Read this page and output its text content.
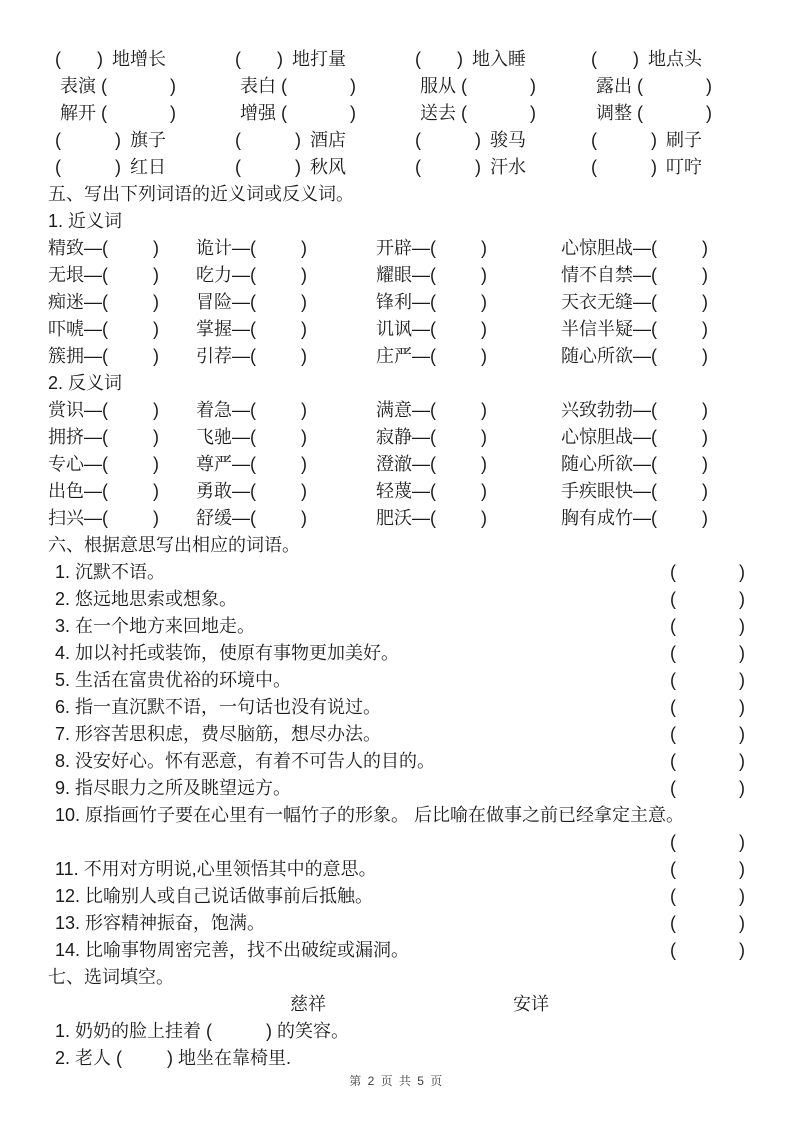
(  ) 地增长	(  ) 地打量	(  ) 地入睡	(  ) 地点头
表演 (    )	表白 (    )	服从 (    )	露出 (    )
解开 (    )	增强 (    )	送去 (    )	调整 (    )
(   ) 旗子	(   ) 酒店	(   ) 骏马	(   ) 刷子
(   ) 红日	(   ) 秋风	(   ) 汗水	(   ) 叮咛
五、写出下列词语的近义词或反义词。
1. 近义词
精致—(   )	诡计—(   )	开辟—(   )	心惊胆战—(   )
无垠—(   )	吃力—(   )	耀眼—(   )	情不自禁—(   )
痴迷—(   )	冒险—(   )	锋利—(   )	天衣无缝—(   )
吓唬—(   )	掌握—(   )	讥讽—(   )	半信半疑—(   )
簇拥—(   )	引荐—(   )	庄严—(   )	随心所欲—(   )
2. 反义词
赏识—(   )	着急—(   )	满意—(   )	兴致勃勃—(   )
拥挤—(   )	飞驰—(   )	寂静—(   )	心惊胆战—(   )
专心—(   )	尊严—(   )	澄澈—(   )	随心所欲—(   )
出色—(   )	勇敢—(   )	轻蔑—(   )	手疾眼快—(   )
扫兴—(   )	舒缓—(   )	肥沃—(   )	胸有成竹—(   )
六、根据意思写出相应的词语。
1. 沉默不语。	(    )
2. 悠远地思索或想象。	(    )
3. 在一个地方来回地走。	(    )
4. 加以衬托或装饰，使原有事物更加美好。	(    )
5. 生活在富贵优裕的环境中。	(    )
6. 指一直沉默不语，一句话也没有说过。	(    )
7. 形容苦思积虑，费尽脑筋，想尽办法。	(    )
8. 没安好心。怀有恶意，有着不可告人的目的。	(    )
9. 指尽眼力之所及眺望远方。	(    )
10. 原指画竹子要在心里有一幅竹子的形象。 后比喻在做事之前已经拿定主意。
(    )
11. 不用对方明说,心里领悟其中的意思。	(    )
12. 比喻别人或自己说话做事前后抵触。	(    )
13. 形容精神振奋，饱满。	(    )
14. 比喻事物周密完善，找不出破绽或漏洞。	(    )
七、选词填空。
慈祥	安详
1. 奶奶的脸上挂着 (   ) 的笑容。
2. 老人 (   ) 地坐在靠椅里.
第 2 页 共 5 页
